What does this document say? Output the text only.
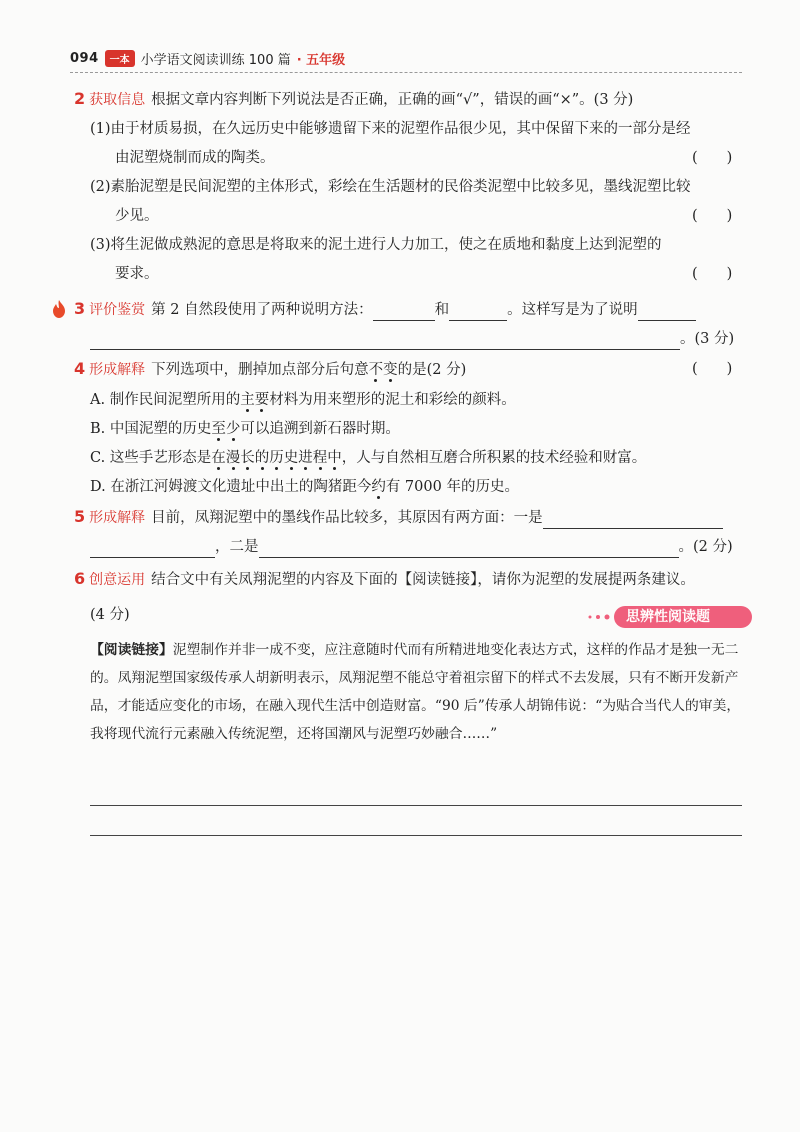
094	一本 小学语文阅读训练 100 篇 · 五年级
2 获取信息 根据文章内容判断下列说法是否正确，正确的画“√”，错误的画“×”。(3 分)
(1)由于材质易损，在久远历史中能够遗留下来的泥塑作品很少见，其中保留下来的一部分是经
由泥塑烧制而成的陶类。	(　　)
(2)素胎泥塑是民间泥塑的主体形式，彩绘在生活题材的民俗类泥塑中比较多见，墨线泥塑比较
少见。	(　　)
(3)将生泥做成熟泥的意思是将取来的泥土进行人力加工，使之在质地和黏度上达到泥塑的
要求。	(　　)
3 评价鉴赏 第 2 自然段使用了两种说明方法：	和	。这样写是为了说明
。(3 分)
4 形成解释 下列选项中，删掉加点部分后句意不变的是(2 分)	(　　)
A. 制作民间泥塑所用的主要材料为用来塑形的泥土和彩绘的颜料。
B. 中国泥塑的历史至少可以追溯到新石器时期。
C. 这些手艺形态是在漫长的历史进程中，人与自然相互磨合所积累的技术经验和财富。
D. 在浙江河姆渡文化遗址中出土的陶猪距今约有 7000 年的历史。
5 形成解释 目前，凤翔泥塑中的墨线作品比较多，其原因有两方面：一是
，二是	。(2 分)
6 创意运用 结合文中有关凤翔泥塑的内容及下面的【阅读链接】，请你为泥塑的发展提两条建议。
(4 分)	思辨性阅读题
【阅读链接】泥塑制作并非一成不变，应注意随时代而有所精进地变化表达方式，这样的作品才是独一无二的。凤翔泥塑国家级传承人胡新明表示，凤翔泥塑不能总守着祖宗留下的样式不去发展，只有不断开发新产品，才能适应变化的市场，在融入现代生活中创造财富。“90 后”传承人胡锦伟说：“为贴合当代人的审美，我将现代流行元素融入传统泥塑，还将国潮风与泥塑巧妙融合……”
